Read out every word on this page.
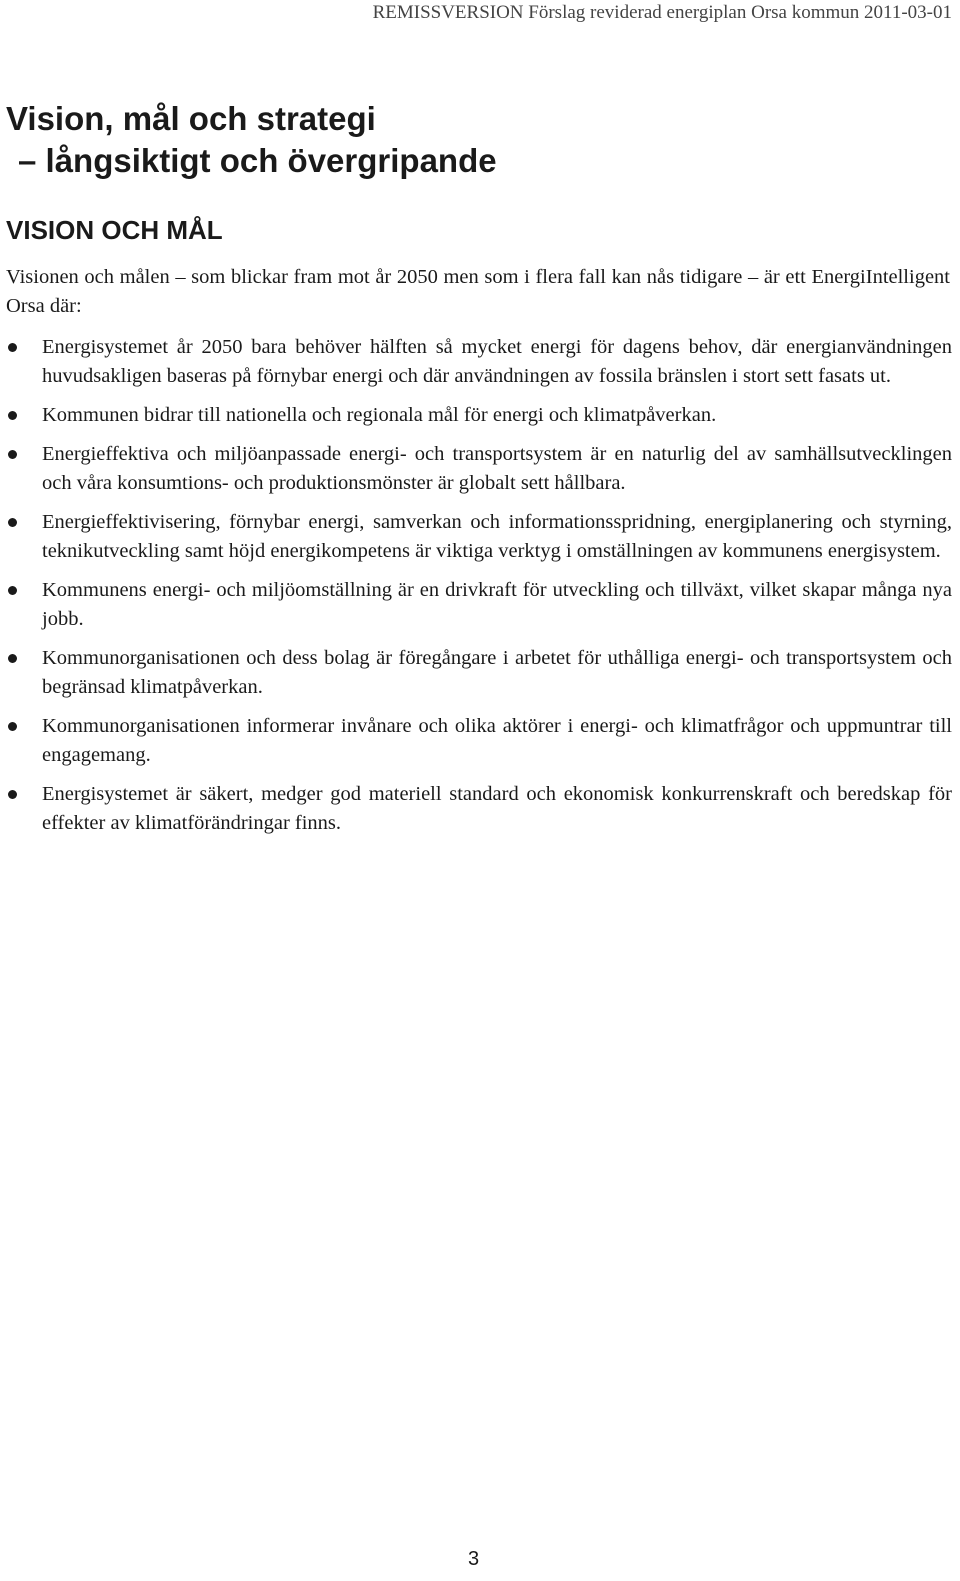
REMISSVERSION Förslag reviderad energiplan Orsa kommun 2011-03-01
Vision, mål och strategi
– långsiktigt och övergripande
VISION OCH MÅL

Visionen och målen – som blickar fram mot år 2050 men som i flera fall kan nås tidigare – är ett EnergiIntelligent Orsa där:

Energisystemet år 2050 bara behöver hälften så mycket energi för dagens behov, där energianvändningen huvudsakligen baseras på förnybar energi och där användningen av fossila bränslen i stort sett fasats ut.
Kommunen bidrar till nationella och regionala mål för energi och klimatpåverkan.
Energieffektiva och miljöanpassade energi- och transportsystem är en naturlig del av samhällsutvecklingen och våra konsumtions- och produktionsmönster är globalt sett hållbara.
Energieffektivisering, förnybar energi, samverkan och informationsspridning, energiplanering och styrning, teknikutveckling samt höjd energikompetens är viktiga verktyg i omställningen av kommunens energisystem.
Kommunens energi- och miljöomställning är en drivkraft för utveckling och tillväxt, vilket skapar många nya jobb.
Kommunorganisationen och dess bolag är föregångare i arbetet för uthålliga energi- och transportsystem och begränsad klimatpåverkan.
Kommunorganisationen informerar invånare och olika aktörer i energi- och klimatfrågor och uppmuntrar till engagemang.
Energisystemet är säkert, medger god materiell standard och ekonomisk konkurrenskraft och beredskap för effekter av klimatförändringar finns.
3
